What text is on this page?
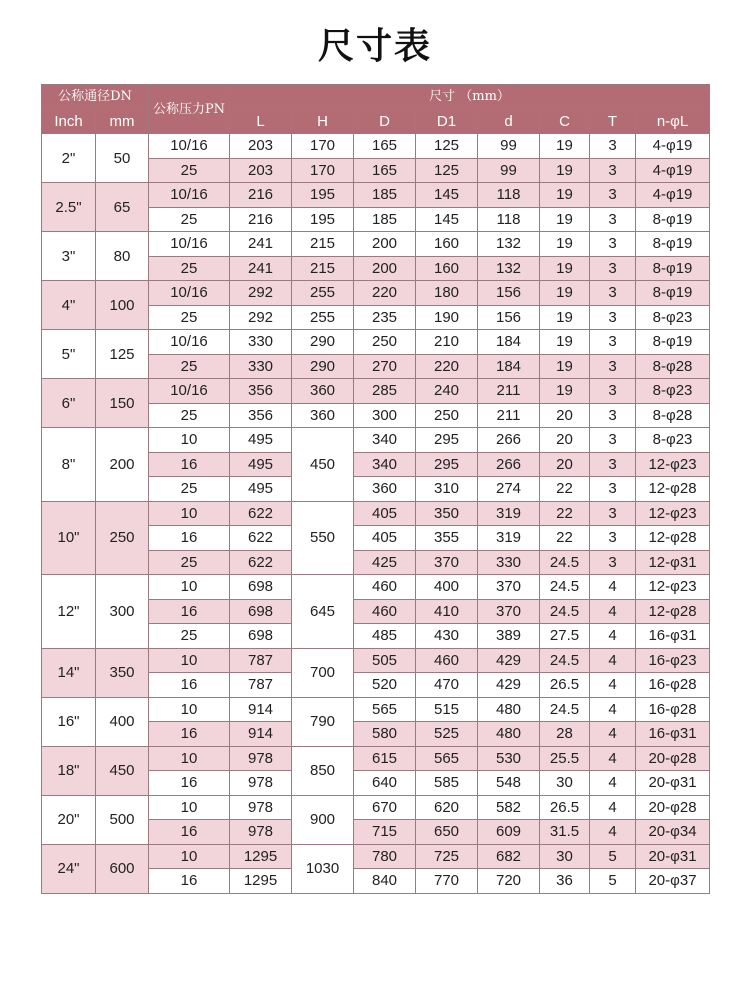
尺寸表
公称通径DN		公称压力PN	尺寸 （mm）							
Inch	mm		L	H	D	D1	d	C	T	n-φL
2"	50	10/16	203	170	165	125	99	19	3	4-φ19
		25	203	170	165	125	99	19	3	4-φ19
2.5"	65	10/16	216	195	185	145	118	19	3	4-φ19
		25	216	195	185	145	118	19	3	8-φ19
3"	80	10/16	241	215	200	160	132	19	3	8-φ19
		25	241	215	200	160	132	19	3	8-φ19
4"	100	10/16	292	255	220	180	156	19	3	8-φ19
		25	292	255	235	190	156	19	3	8-φ23
5"	125	10/16	330	290	250	210	184	19	3	8-φ19
		25	330	290	270	220	184	19	3	8-φ28
6"	150	10/16	356	360	285	240	211	19	3	8-φ23
		25	356	360	300	250	211	20	3	8-φ28
8"	200	10	495	450	340	295	266	20	3	8-φ23
		16	495		340	295	266	20	3	12-φ23
		25	495		360	310	274	22	3	12-φ28
10"	250	10	622	550	405	350	319	22	3	12-φ23
		16	622		405	355	319	22	3	12-φ28
		25	622		425	370	330	24.5	3	12-φ31
12"	300	10	698	645	460	400	370	24.5	4	12-φ23
		16	698		460	410	370	24.5	4	12-φ28
		25	698		485	430	389	27.5	4	16-φ31
14"	350	10	787	700	505	460	429	24.5	4	16-φ23
		16	787		520	470	429	26.5	4	16-φ28
16"	400	10	914	790	565	515	480	24.5	4	16-φ28
		16	914		580	525	480	28	4	16-φ31
18"	450	10	978	850	615	565	530	25.5	4	20-φ28
		16	978		640	585	548	30	4	20-φ31
20"	500	10	978	900	670	620	582	26.5	4	20-φ28
		16	978		715	650	609	31.5	4	20-φ34
24"	600	10	1295	1030	780	725	682	30	5	20-φ31
		16	1295		840	770	720	36	5	20-φ37
